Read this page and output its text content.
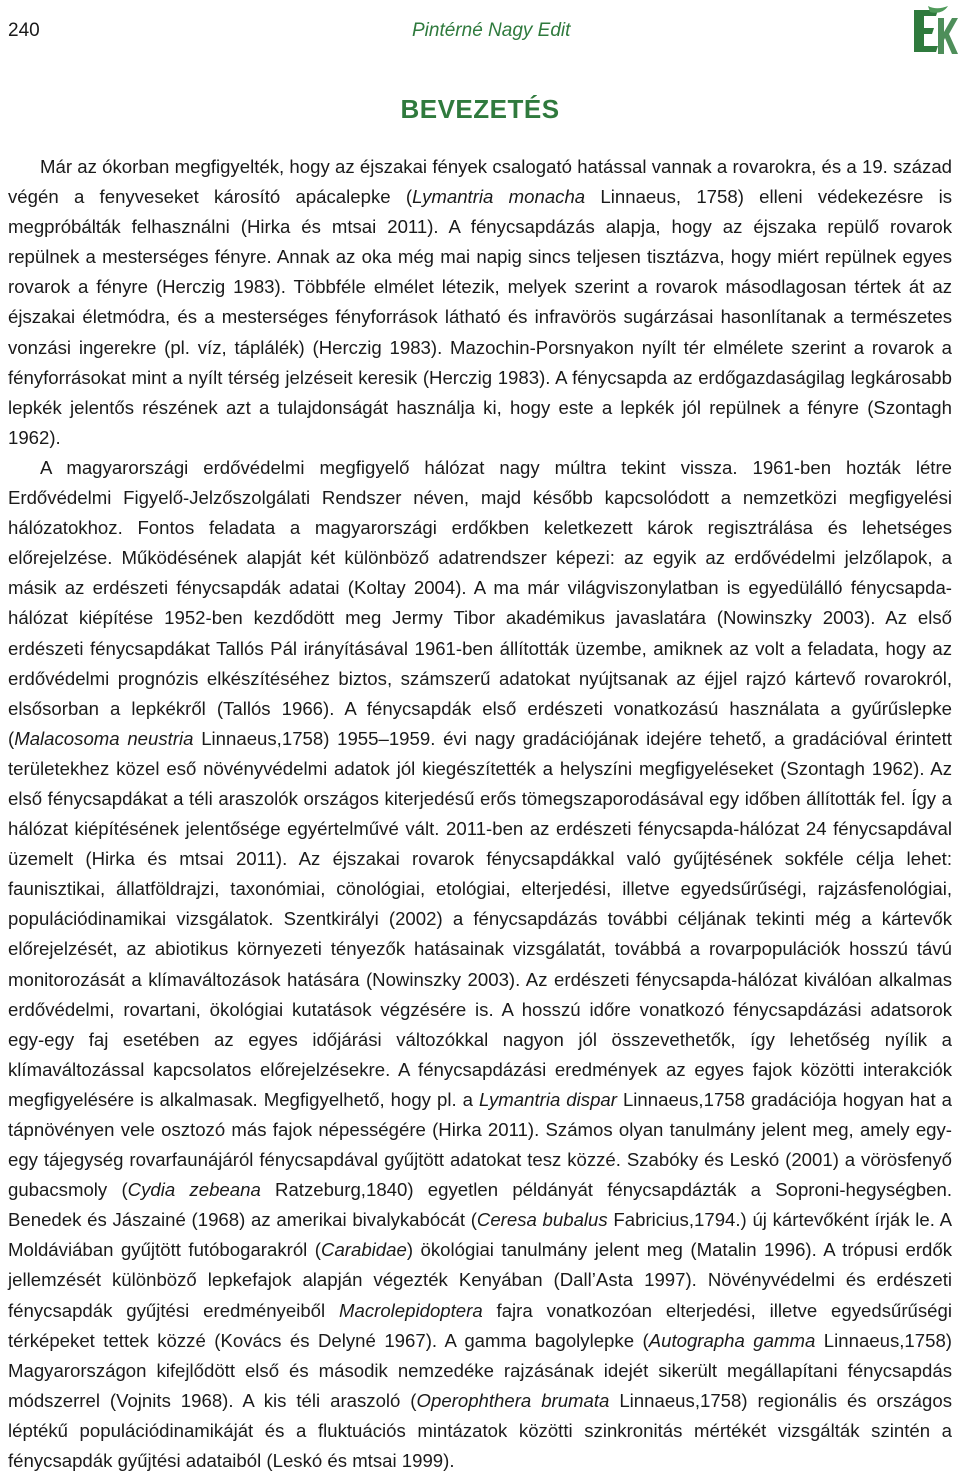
240	Pintérné Nagy Edit
BEVEZETÉS

Már az ókorban megfigyelték, hogy az éjszakai fények csalogató hatással vannak a rovarokra, és a 19. század végén a fenyveseket károsító apácalepke (Lymantria monacha Linnaeus, 1758) elleni védekezésre is megpróbálták felhasználni (Hirka és mtsai 2011). A fénycsapdázás alapja, hogy az éjszaka repülő rovarok repülnek a mesterséges fényre. Annak az oka még mai napig sincs teljesen tisztázva, hogy miért repülnek egyes rovarok a fényre (Herczig 1983). Többféle elmélet létezik, melyek szerint a rovarok másodlagosan tértek át az éjszakai életmódra, és a mesterséges fényforrások látható és infravörös sugárzásai hasonlítanak a természetes vonzási ingerekre (pl. víz, táplálék) (Herczig 1983). Mazochin-Porsnyakon nyílt tér elmélete szerint a rovarok a fényforrásokat mint a nyílt térség jelzéseit keresik (Herczig 1983). A fénycsapda az erdőgazdaságilag legkárosabb lepkék jelentős részének azt a tulajdonságát használja ki, hogy este a lepkék jól repülnek a fényre (Szontagh 1962).

A magyarországi erdővédelmi megfigyelő hálózat nagy múltra tekint vissza. 1961-ben hozták létre Erdővédelmi Figyelő-Jelzőszolgálati Rendszer néven, majd később kapcsolódott a nemzetközi megfigyelési hálózatokhoz. Fontos feladata a magyarországi erdőkben keletkezett károk regisztrálása és lehetséges előrejelzése. Működésének alapját két különböző adatrendszer képezi: az egyik az erdővédelmi jelzőlapok, a másik az erdészeti fénycsapdák adatai (Koltay 2004). A ma már világviszonylatban is egyedülálló fénycsapda-hálózat kiépítése 1952-ben kezdődött meg Jermy Tibor akadémikus javaslatára (Nowinszky 2003). Az első erdészeti fénycsapdákat Tallós Pál irányításával 1961-ben állították üzembe, amiknek az volt a feladata, hogy az erdővédelmi prognózis elkészítéséhez biztos, számszerű adatokat nyújtsanak az éjjel rajzó kártevő rovarokról, elsősorban a lepkékről (Tallós 1966). A fénycsapdák első erdészeti vonatkozású használata a gyűrűslepke (Malacosoma neustria Linnaeus,1758) 1955–1959. évi nagy gradációjának idejére tehető, a gradációval érintett területekhez közel eső növényvédelmi adatok jól kiegészítették a helyszíni megfigyeléseket (Szontagh 1962). Az első fénycsapdákat a téli araszolók országos kiterjedésű erős tömegszaporodásával egy időben állították fel. Így a hálózat kiépítésének jelentősége egyértelművé vált. 2011-ben az erdészeti fénycsapda-hálózat 24 fénycsapdával üzemelt (Hirka és mtsai 2011). Az éjszakai rovarok fénycsapdákkal való gyűjtésének sokféle célja lehet: faunisztikai, állatföldrajzi, taxonómiai, cönológiai, etológiai, elterjedési, illetve egyedsűrűségi, rajzásfenológiai, populációdinamikai vizsgálatok. Szentkirályi (2002) a fénycsapdázás további céljának tekinti még a kártevők előrejelzését, az abiotikus környezeti tényezők hatásainak vizsgálatát, továbbá a rovarpopulációk hosszú távú monitorozását a klímaváltozások hatására (Nowinszky 2003). Az erdészeti fénycsapda-hálózat kiválóan alkalmas erdővédelmi, rovartani, ökológiai kutatások végzésére is. A hosszú időre vonatkozó fénycsapdázási adatsorok egy-egy faj esetében az egyes időjárási változókkal nagyon jól összevethetők, így lehetőség nyílik a klímaváltozással kapcsolatos előrejelzésekre. A fénycsapdázási eredmények az egyes fajok közötti interakciók megfigyelésére is alkalmasak. Megfigyelhető, hogy pl. a Lymantria dispar Linnaeus,1758 gradációja hogyan hat a tápnövényen vele osztozó más fajok népességére (Hirka 2011). Számos olyan tanulmány jelent meg, amely egy-egy tájegység rovarfaunájáról fénycsapdával gyűjtött adatokat tesz közzé. Szabóky és Leskó (2001) a vörösfenyő gubacsmoly (Cydia zebeana Ratzeburg,1840) egyetlen példányát fénycsapdázták a Soproni-hegységben. Benedek és Jászainé (1968) az amerikai bivalykabócát (Ceresa bubalus Fabricius,1794.) új kártevőként írják le. A Moldáviában gyűjtött futóbogarakról (Carabidae) ökológiai tanulmány jelent meg (Matalin 1996). A trópusi erdők jellemzését különböző lepkefajok alapján végezték Kenyában (Dall’Asta 1997). Növényvédelmi és erdészeti fénycsapdák gyűjtési eredményeiből Macrolepidoptera fajra vonatkozóan elterjedési, illetve egyedsűrűségi térképeket tettek közzé (Kovács és Delyné 1967). A gamma bagolylepke (Autographa gamma Linnaeus,1758) Magyarországon kifejlődött első és második nemzedéke rajzásának idejét sikerült megállapítani fénycsapdás módszerrel (Vojnits 1968). A kis téli araszoló (Operophthera brumata Linnaeus,1758) regionális és országos léptékű populációdinamikáját és a fluktuációs mintázatok közötti szinkronitás mértékét vizsgálták szintén a fénycsapdák gyűjtési adataiból (Leskó és mtsai 1999).
